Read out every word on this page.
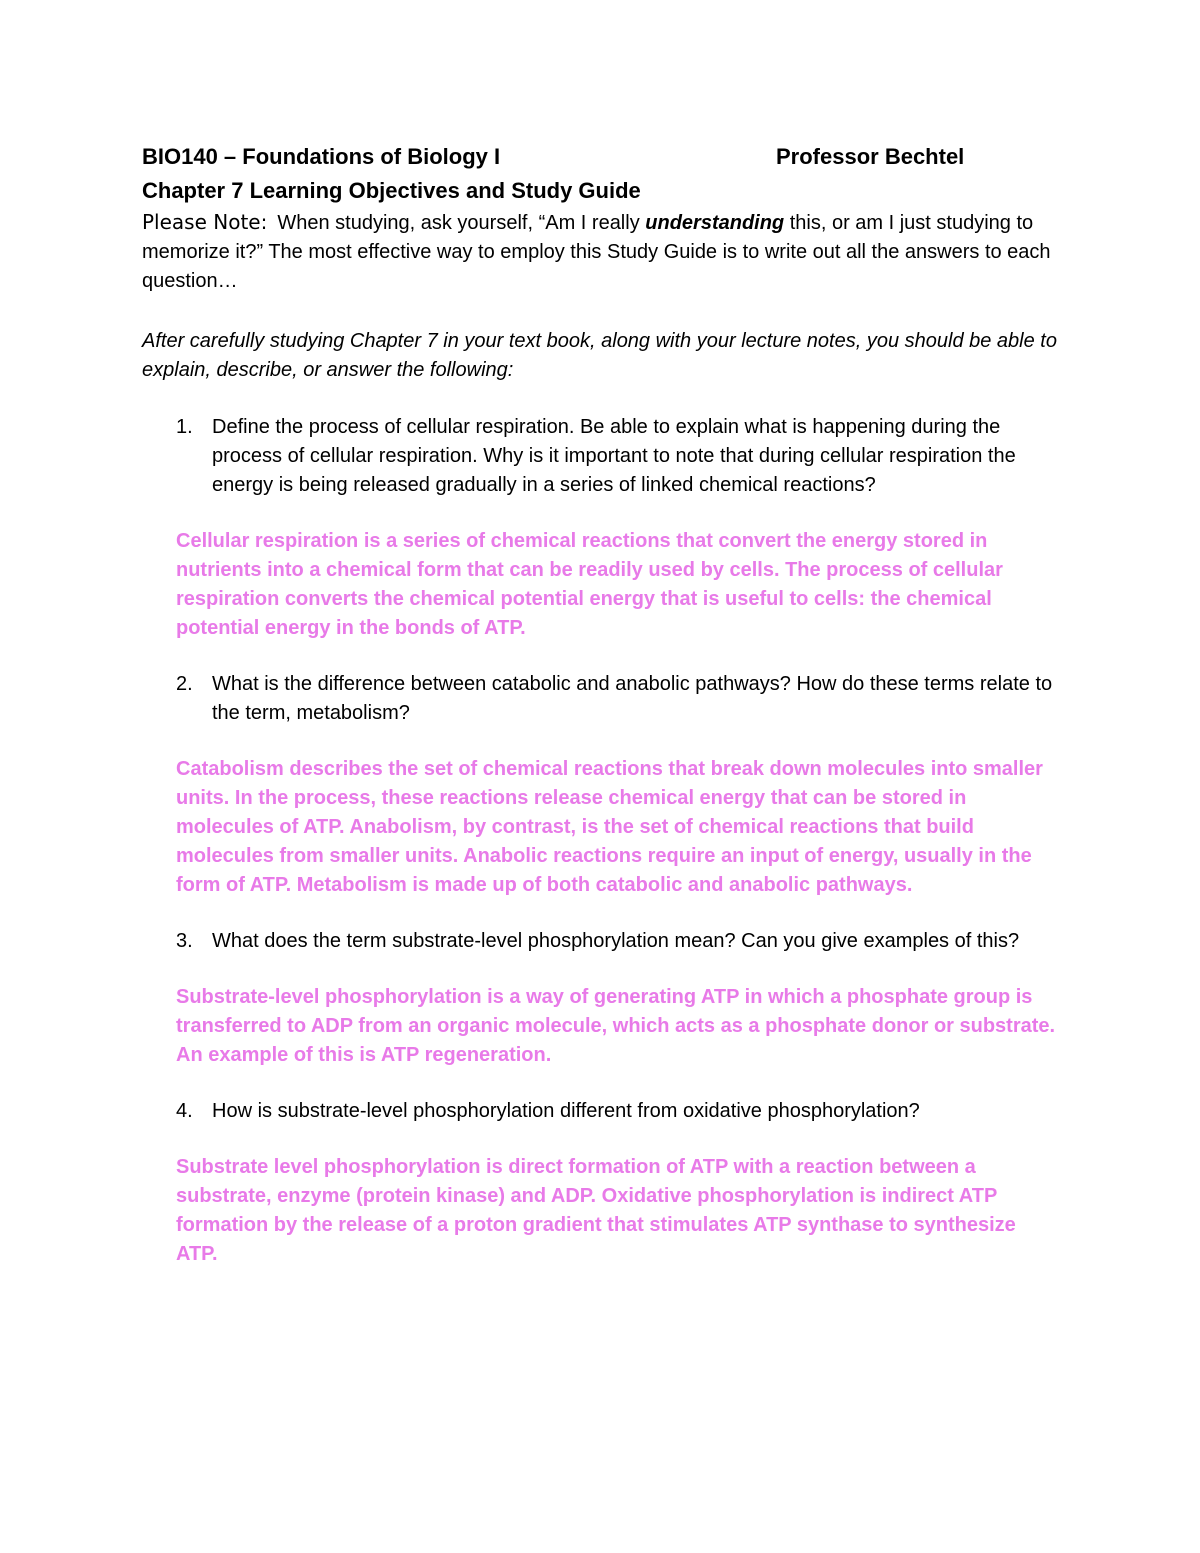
BIO140 – Foundations of Biology I	Professor Bechtel
Chapter 7 Learning Objectives and Study Guide

Please Note: When studying, ask yourself, “Am I really understanding this, or am I just studying to memorize it?” The most effective way to employ this Study Guide is to write out all the answers to each question…

After carefully studying Chapter 7 in your text book, along with your lecture notes, you should be able to explain, describe, or answer the following:

1. Define the process of cellular respiration. Be able to explain what is happening during the process of cellular respiration. Why is it important to note that during cellular respiration the energy is being released gradually in a series of linked chemical reactions?

Cellular respiration is a series of chemical reactions that convert the energy stored in nutrients into a chemical form that can be readily used by cells. The process of cellular respiration converts the chemical potential energy that is useful to cells: the chemical potential energy in the bonds of ATP.

2. What is the difference between catabolic and anabolic pathways? How do these terms relate to the term, metabolism?

Catabolism describes the set of chemical reactions that break down molecules into smaller units. In the process, these reactions release chemical energy that can be stored in molecules of ATP. Anabolism, by contrast, is the set of chemical reactions that build molecules from smaller units. Anabolic reactions require an input of energy, usually in the form of ATP. Metabolism is made up of both catabolic and anabolic pathways.

3. What does the term substrate-level phosphorylation mean? Can you give examples of this?

Substrate-level phosphorylation is a way of generating ATP in which a phosphate group is transferred to ADP from an organic molecule, which acts as a phosphate donor or substrate. An example of this is ATP regeneration.

4. How is substrate-level phosphorylation different from oxidative phosphorylation?

Substrate level phosphorylation is direct formation of ATP with a reaction between a substrate, enzyme (protein kinase) and ADP. Oxidative phosphorylation is indirect ATP formation by the release of a proton gradient that stimulates ATP synthase to synthesize ATP.
